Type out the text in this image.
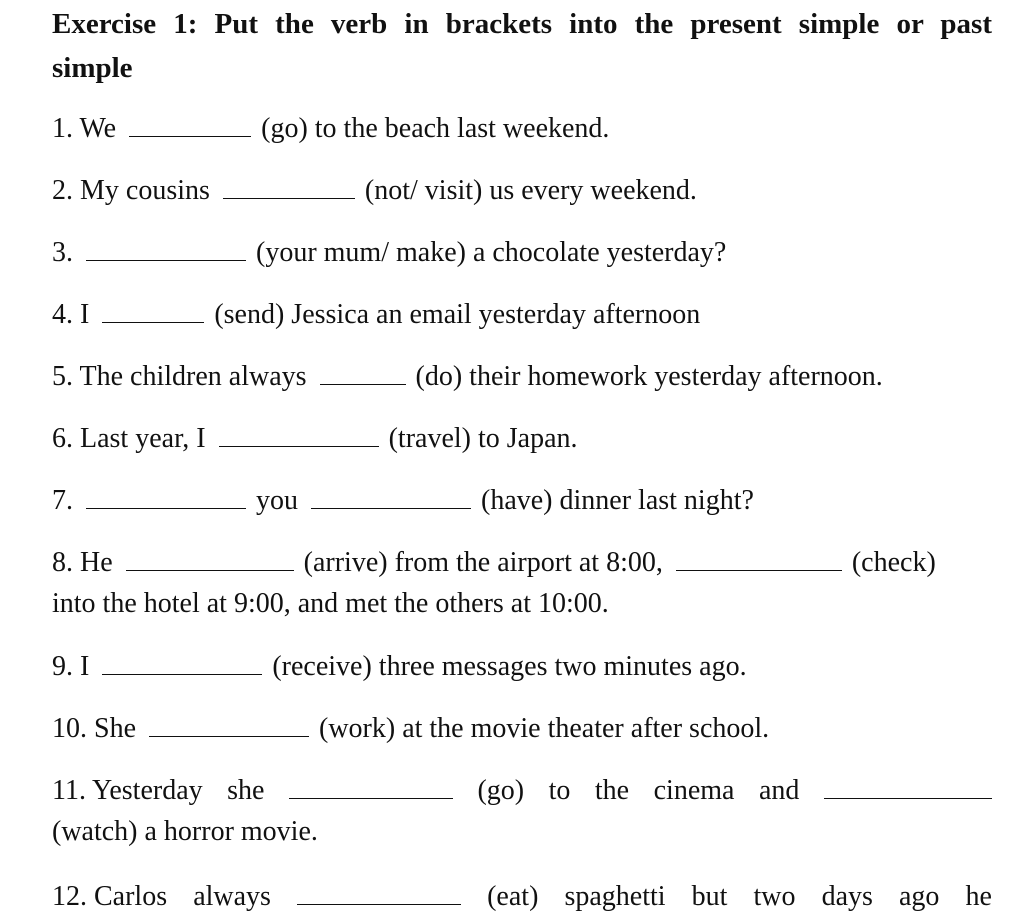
Exercise 1: Put the verb in brackets into the present simple or past
simple
1. We	(go) to the beach last weekend.
2. My cousins	(not/ visit) us every weekend.
3.	(your mum/ make) a chocolate yesterday?
4. I	(send) Jessica an email yesterday afternoon
5. The children always	(do) their homework yesterday afternoon.
6. Last year, I	(travel) to Japan.
7.	you	(have) dinner last night?
8. He	(arrive) from the airport at 8:00,	(check)
into the hotel at 9:00, and met the others at 10:00.
9. I	(receive) three messages two minutes ago.
10. She	(work) at the movie theater after school.
11. Yesterday she	(go) to the cinema and
(watch) a horror movie.
12. Carlos always	(eat) spaghetti but two days ago he
